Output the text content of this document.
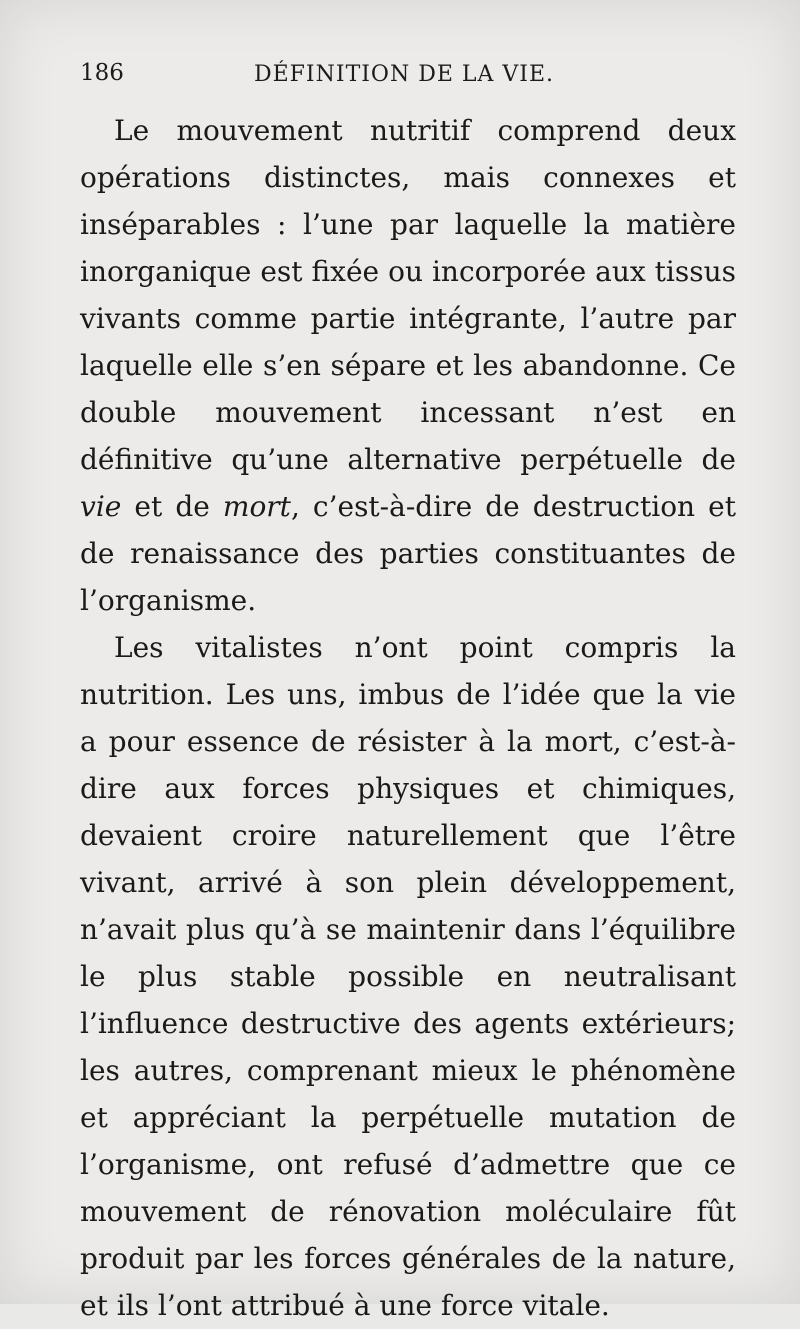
186	DÉFINITION DE LA VIE.

Le mouvement nutritif comprend deux opérations distinctes, mais connexes et inséparables : l’une par laquelle la matière inorganique est fixée ou incorporée aux tissus vivants comme partie intégrante, l’autre par laquelle elle s’en sépare et les abandonne. Ce double mouvement incessant n’est en définitive qu’une alternative perpétuelle de vie et de mort, c’est-à-dire de destruction et de renaissance des parties constituantes de l’organisme.

Les vitalistes n’ont point compris la nutrition. Les uns, imbus de l’idée que la vie a pour essence de résister à la mort, c’est-à-dire aux forces physiques et chimiques, devaient croire naturellement que l’être vivant, arrivé à son plein développement, n’avait plus qu’à se maintenir dans l’équilibre le plus stable possible en neutralisant l’influence destructive des agents extérieurs; les autres, comprenant mieux le phénomène et appréciant la perpétuelle mutation de l’organisme, ont refusé d’admettre que ce mouvement de rénovation moléculaire fût produit par les forces générales de la nature, et ils l’ont attribué à une force vitale.
